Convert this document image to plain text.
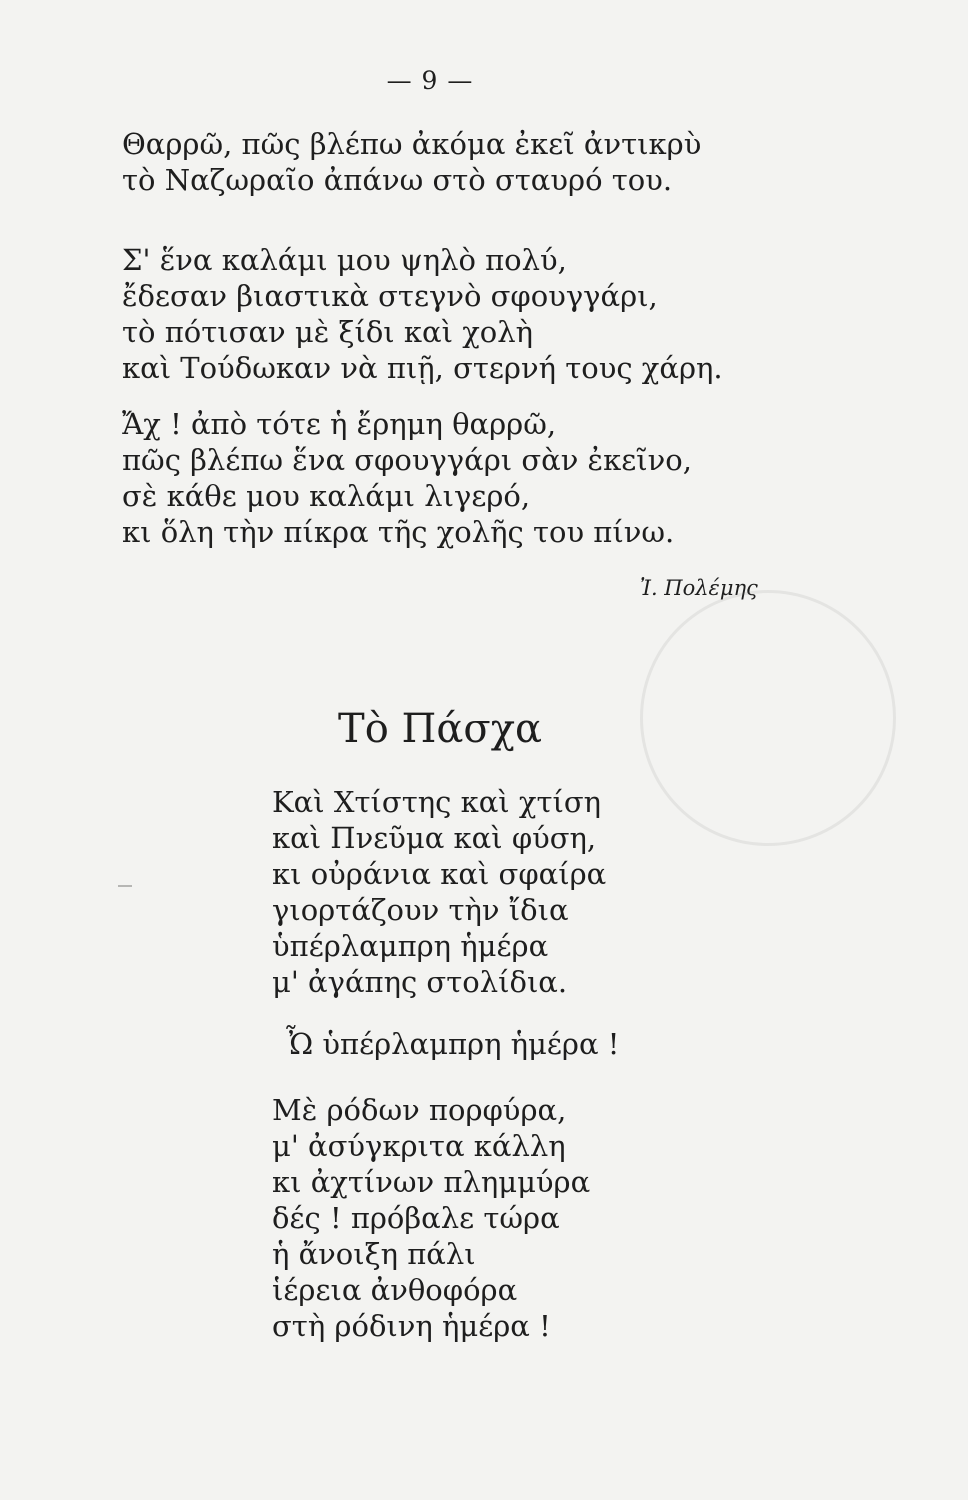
— 9 —
Θαρρῶ, πῶς βλέπω ἀκόμα ἐκεῖ ἀντικρὺ
τὸ Ναζωραῖο ἀπάνω στὸ σταυρό του.
Σ' ἕνα καλάμι μου ψηλὸ πολύ,
ἔδεσαν βιαστικὰ στεγνὸ σφουγγάρι,
τὸ πότισαν μὲ ξίδι καὶ χολὴ
καὶ Τούδωκαν νὰ πιῇ, στερνή τους χάρη.
Ἄχ ! ἀπὸ τότε ἡ ἔρημη θαρρῶ,
πῶς βλέπω ἕνα σφουγγάρι σὰν ἐκεῖνο,
σὲ κάθε μου καλάμι λιγερό,
κι ὅλη τὴν πίκρα τῆς χολῆς του πίνω.
Ἰ. Πολέμης
Τὸ Πάσχα
Καὶ Χτίστης καὶ χτίση
καὶ Πνεῦμα καὶ φύση,
κι οὐράνια καὶ σφαίρα
γιορτάζουν τὴν ἴδια
ὑπέρλαμπρη ἡμέρα
μ' ἀγάπης στολίδια.
Ὦ ὑπέρλαμπρη ἡμέρα !
Μὲ ρόδων πορφύρα,
μ' ἀσύγκριτα κάλλη
κι ἀχτίνων πλημμύρα
δές ! πρόβαλε τώρα
ἡ ἄνοιξη πάλι
ἱέρεια ἀνθοφόρα
στὴ ρόδινη ἡμέρα !
